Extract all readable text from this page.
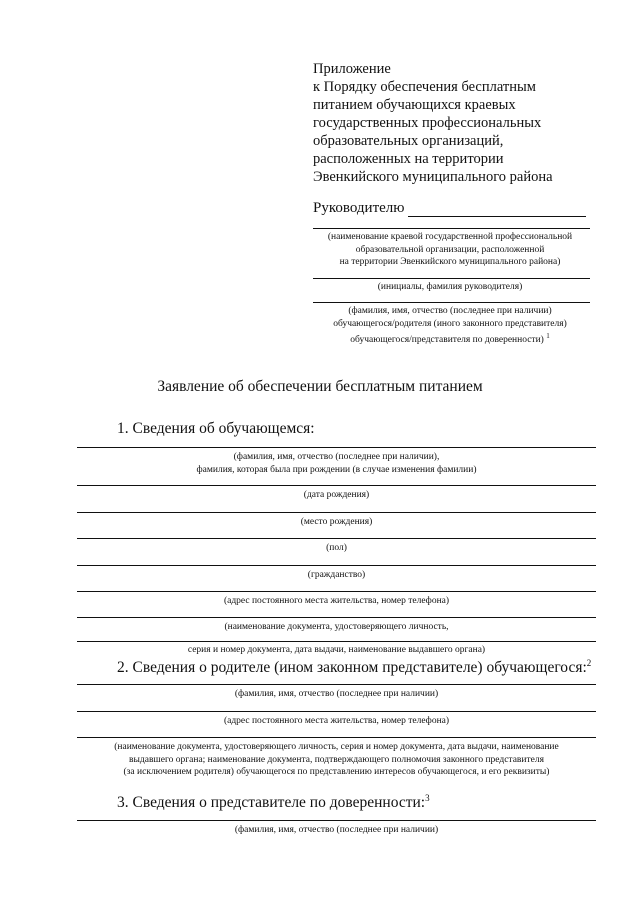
Приложение
к Порядку обеспечения бесплатным
питанием обучающихся краевых
государственных профессиональных
образовательных организаций,
расположенных на территории
Эвенкийского муниципального района
Руководителю
(наименование краевой государственной профессиональной
образовательной организации, расположенной
на территории Эвенкийского муниципального района)
(инициалы, фамилия руководителя)
(фамилия, имя, отчество (последнее при наличии)
обучающегося/родителя (иного законного представителя)
обучающегося/представителя по доверенности) $^1$
Заявление об обеспечении бесплатным питанием
1. Сведения об обучающемся:
(фамилия, имя, отчество (последнее при наличии),
фамилия, которая была при рождении (в случае изменения фамилии)
(дата рождения)
(место рождения)
(пол)
(гражданство)
(адрес постоянного места жительства, номер телефона)
(наименование документа, удостоверяющего личность,
серия и номер документа, дата выдачи, наименование выдавшего органа)
2. Сведения о родителе (ином законном представителе) обучающегося:$^2$
(фамилия, имя, отчество (последнее при наличии)
(адрес постоянного места жительства, номер телефона)
(наименование документа, удостоверяющего личность, серия и номер документа, дата выдачи, наименование
выдавшего органа; наименование документа, подтверждающего полномочия законного представителя
(за исключением родителя) обучающегося по представлению интересов обучающегося, и его реквизиты)
3. Сведения о представителе по доверенности:$^3$
(фамилия, имя, отчество (последнее при наличии)
